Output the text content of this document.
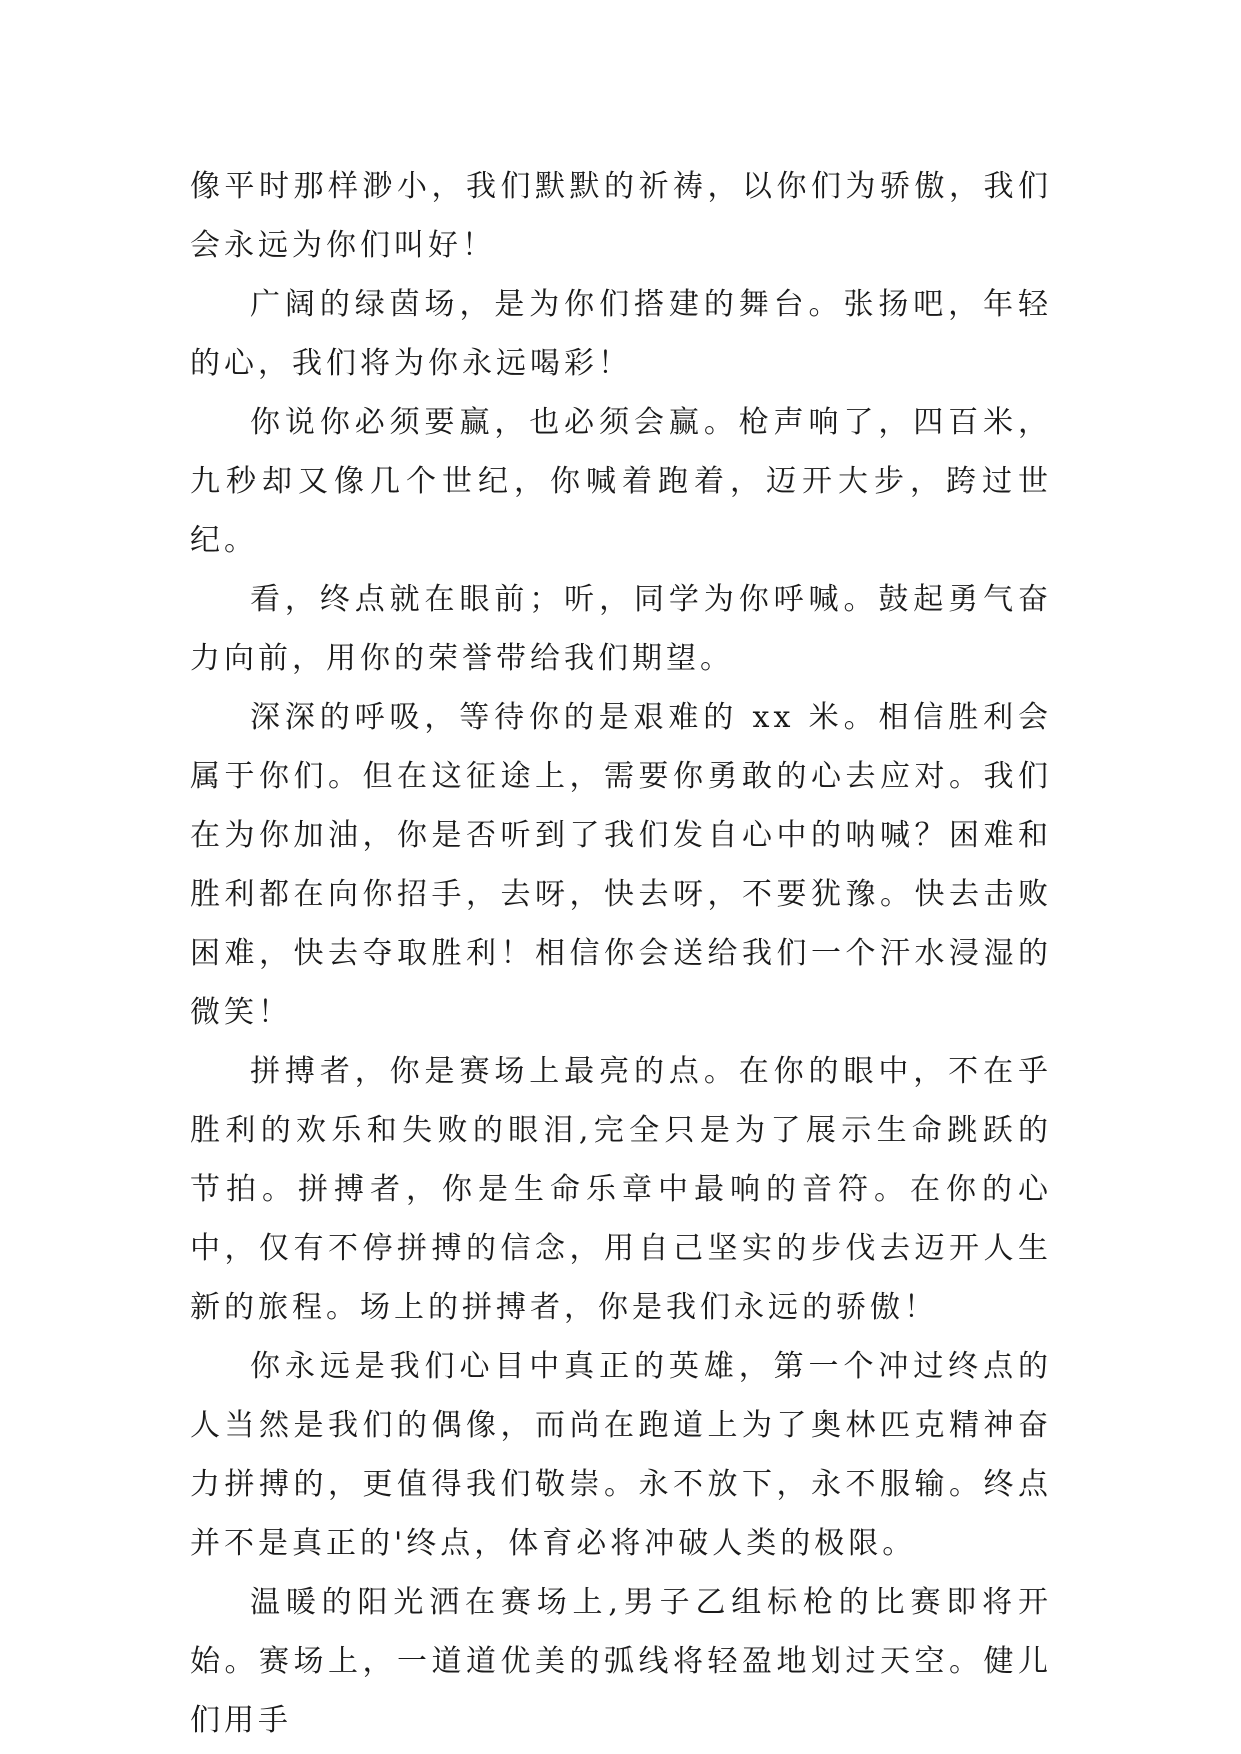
像平时那样渺小，我们默默的祈祷，以你们为骄傲，我们会永远为你们叫好！

广阔的绿茵场，是为你们搭建的舞台。张扬吧，年轻的心，我们将为你永远喝彩！

你说你必须要赢，也必须会赢。枪声响了，四百米，九秒却又像几个世纪，你喊着跑着，迈开大步，跨过世纪。

看，终点就在眼前；听，同学为你呼喊。鼓起勇气奋力向前，用你的荣誉带给我们期望。

深深的呼吸，等待你的是艰难的 xx 米。相信胜利会属于你们。但在这征途上，需要你勇敢的心去应对。我们在为你加油，你是否听到了我们发自心中的呐喊？困难和胜利都在向你招手，去呀，快去呀，不要犹豫。快去击败困难，快去夺取胜利！相信你会送给我们一个汗水浸湿的微笑！

拼搏者，你是赛场上最亮的点。在你的眼中，不在乎胜利的欢乐和失败的眼泪,完全只是为了展示生命跳跃的节拍。拼搏者，你是生命乐章中最响的音符。在你的心中，仅有不停拼搏的信念，用自己坚实的步伐去迈开人生新的旅程。场上的拼搏者，你是我们永远的骄傲！

你永远是我们心目中真正的英雄，第一个冲过终点的人当然是我们的偶像，而尚在跑道上为了奥林匹克精神奋力拼搏的，更值得我们敬崇。永不放下，永不服输。终点并不是真正的'终点，体育必将冲破人类的极限。

温暖的阳光洒在赛场上,男子乙组标枪的比赛即将开始。赛场上，一道道优美的弧线将轻盈地划过天空。健儿们用手
